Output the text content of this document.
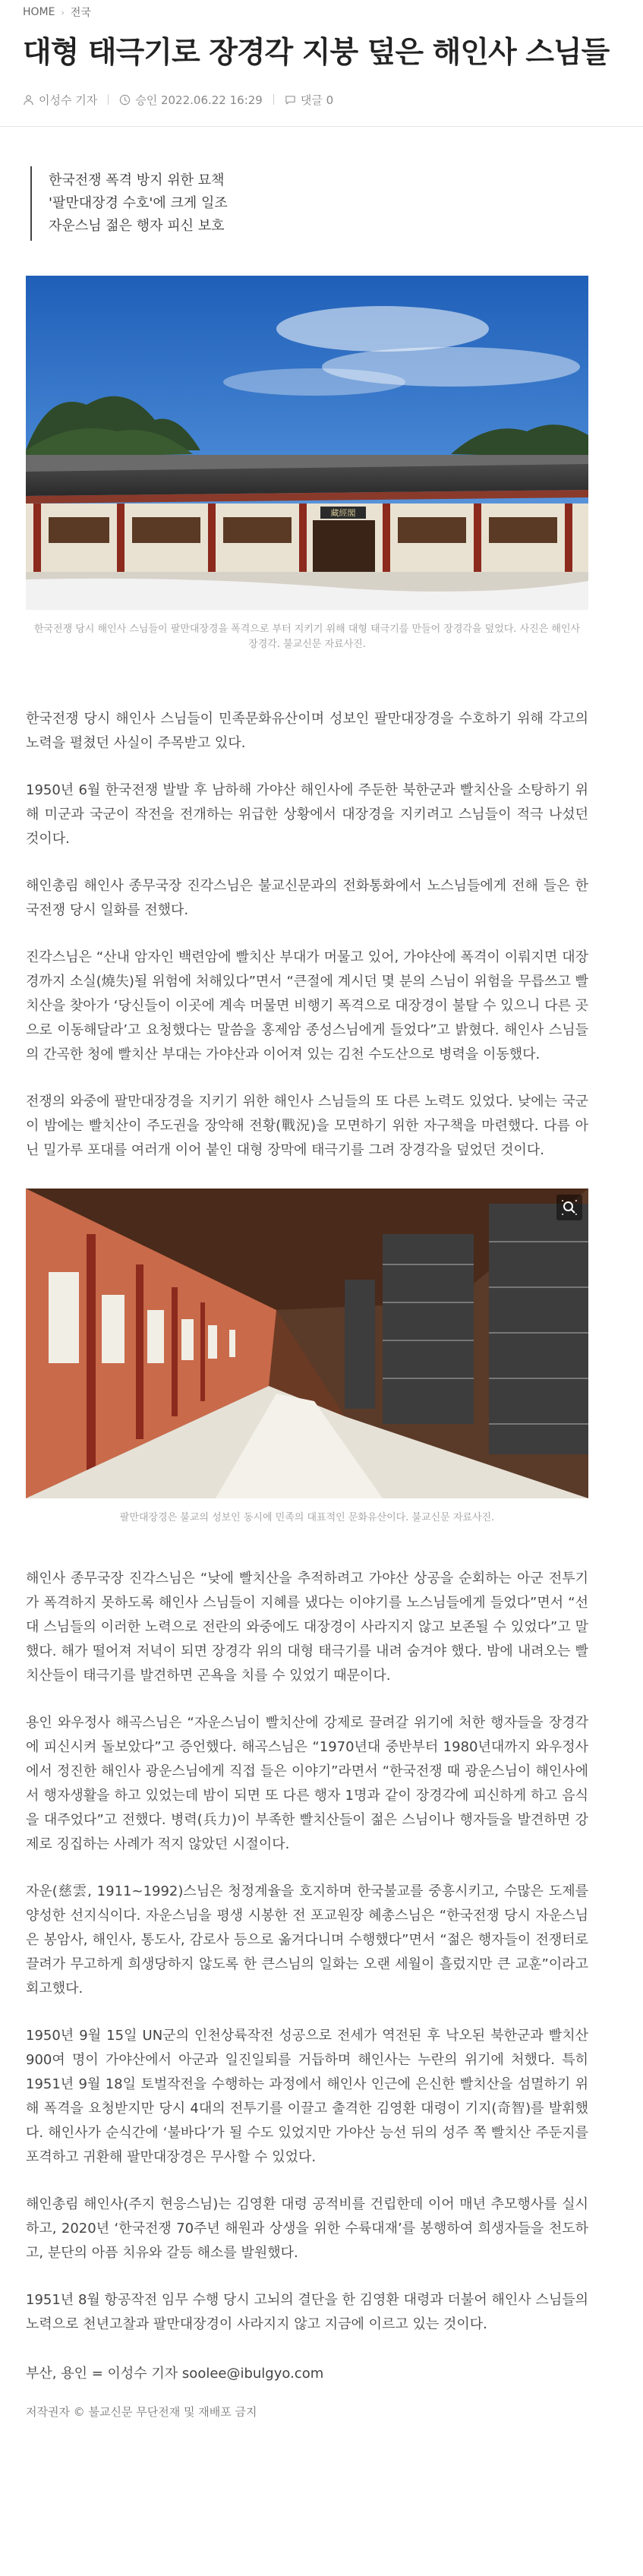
HOME › 전국
대형 태극기로 장경각 지붕 덮은 해인사 스님들
이성수 기자	승인 2022.06.22 16:29	댓글 0
한국전쟁 폭격 방지 위한 묘책
'팔만대장경 수호'에 크게 일조
자운스님 젊은 행자 피신 보호
藏經閣
한국전쟁 당시 해인사 스님들이 팔만대장경을 폭격으로 부터 지키기 위해 대형 태극기를 만들어 장경각을 덮었다. 사진은 해인사 장경각. 불교신문 자료사진.

한국전쟁 당시 해인사 스님들이 민족문화유산이며 성보인 팔만대장경을 수호하기 위해 각고의 노력을 펼쳤던 사실이 주목받고 있다.

1950년 6월 한국전쟁 발발 후 남하해 가야산 해인사에 주둔한 북한군과 빨치산을 소탕하기 위해 미군과 국군이 작전을 전개하는 위급한 상황에서 대장경을 지키려고 스님들이 적극 나섰던 것이다.

해인총림 해인사 종무국장 진각스님은 불교신문과의 전화통화에서 노스님들에게 전해 들은 한국전쟁 당시 일화를 전했다.

진각스님은 “산내 암자인 백련암에 빨치산 부대가 머물고 있어, 가야산에 폭격이 이뤄지면 대장경까지 소실(燒失)될 위험에 처해있다”면서 “큰절에 계시던 몇 분의 스님이 위험을 무릅쓰고 빨치산을 찾아가 ‘당신들이 이곳에 계속 머물면 비행기 폭격으로 대장경이 불탈 수 있으니 다른 곳으로 이동해달라’고 요청했다는 말씀을 홍제암 종성스님에게 들었다”고 밝혔다. 해인사 스님들의 간곡한 청에 빨치산 부대는 가야산과 이어져 있는 김천 수도산으로 병력을 이동했다.

전쟁의 와중에 팔만대장경을 지키기 위한 해인사 스님들의 또 다른 노력도 있었다. 낮에는 국군이 밤에는 빨치산이 주도권을 장악해 전황(戰況)을 모면하기 위한 자구책을 마련했다. 다름 아닌 밀가루 포대를 여러개 이어 붙인 대형 장막에 태극기를 그려 장경각을 덮었던 것이다.

팔만대장경은 불교의 성보인 동시에 민족의 대표적인 문화유산이다. 불교신문 자료사진.

해인사 종무국장 진각스님은 “낮에 빨치산을 추적하려고 가야산 상공을 순회하는 아군 전투기가 폭격하지 못하도록 해인사 스님들이 지혜를 냈다는 이야기를 노스님들에게 들었다”면서 “선대 스님들의 이러한 노력으로 전란의 와중에도 대장경이 사라지지 않고 보존될 수 있었다”고 말했다. 해가 떨어져 저녁이 되면 장경각 위의 대형 태극기를 내려 숨겨야 했다. 밤에 내려오는 빨치산들이 태극기를 발견하면 곤욕을 치를 수 있었기 때문이다.

용인 와우정사 해곡스님은 “자운스님이 빨치산에 강제로 끌려갈 위기에 처한 행자들을 장경각에 피신시켜 돌보았다”고 증언했다. 해곡스님은 “1970년대 중반부터 1980년대까지 와우정사에서 정진한 해인사 광운스님에게 직접 들은 이야기”라면서 “한국전쟁 때 광운스님이 해인사에서 행자생활을 하고 있었는데 밤이 되면 또 다른 행자 1명과 같이 장경각에 피신하게 하고 음식을 대주었다”고 전했다. 병력(兵力)이 부족한 빨치산들이 젊은 스님이나 행자들을 발견하면 강제로 징집하는 사례가 적지 않았던 시절이다.

자운(慈雲, 1911~1992)스님은 청정계율을 호지하며 한국불교를 중흥시키고, 수많은 도제를 양성한 선지식이다. 자운스님을 평생 시봉한 전 포교원장 혜총스님은 “한국전쟁 당시 자운스님은 봉암사, 해인사, 통도사, 감로사 등으로 옮겨다니며 수행했다”면서 “젊은 행자들이 전쟁터로 끌려가 무고하게 희생당하지 않도록 한 큰스님의 일화는 오랜 세월이 흘렀지만 큰 교훈”이라고 회고했다.

1950년 9월 15일 UN군의 인천상륙작전 성공으로 전세가 역전된 후 낙오된 북한군과 빨치산 900여 명이 가야산에서 아군과 일진일퇴를 거듭하며 해인사는 누란의 위기에 처했다. 특히 1951년 9월 18일 토벌작전을 수행하는 과정에서 해인사 인근에 은신한 빨치산을 섬멸하기 위해 폭격을 요청받지만 당시 4대의 전투기를 이끌고 출격한 김영환 대령이 기지(奇智)를 발휘했다. 해인사가 순식간에 ‘불바다’가 될 수도 있었지만 가야산 능선 뒤의 성주 쪽 빨치산 주둔지를 포격하고 귀환해 팔만대장경은 무사할 수 있었다.

해인총림 해인사(주지 현응스님)는 김영환 대령 공적비를 건립한데 이어 매년 추모행사를 실시하고, 2020년 ‘한국전쟁 70주년 해원과 상생을 위한 수륙대재’를 봉행하여 희생자들을 천도하고, 분단의 아픔 치유와 갈등 해소를 발원했다.

1951년 8월 항공작전 임무 수행 당시 고뇌의 결단을 한 김영환 대령과 더불어 해인사 스님들의 노력으로 천년고찰과 팔만대장경이 사라지지 않고 지금에 이르고 있는 것이다.

부산, 용인 = 이성수 기자 soolee@ibulgyo.com
저작권자 © 불교신문 무단전재 및 재배포 금지
